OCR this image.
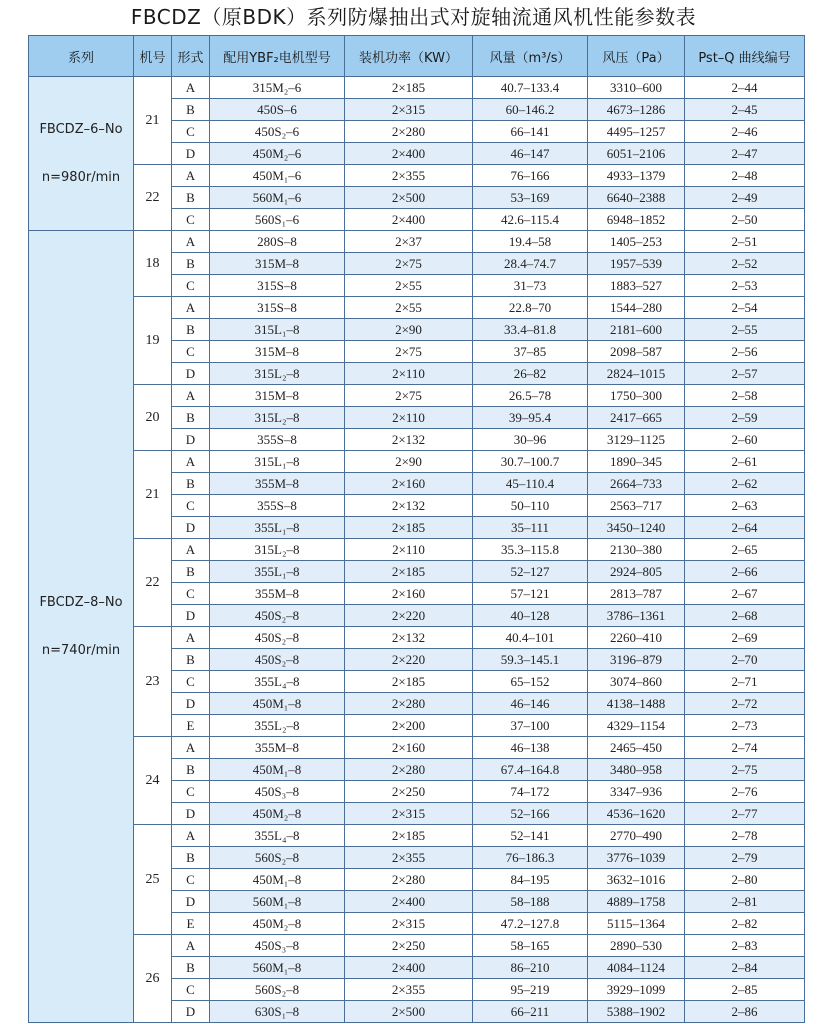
FBCDZ（原BDK）系列防爆抽出式对旋轴流通风机性能参数表
系列	机号	形式	配用YBF₂电机型号	装机功率（KW）	风量（m³/s）	风压（Pa）	Pst–Q 曲线编号

FBCDZ–6–No
n=980r/min	21	A	315M₂–6	2×185	40.7–133.4	3310–600	2–44
		B	450S–6	2×315	60–146.2	4673–1286	2–45
		C	450S₂–6	2×280	66–141	4495–1257	2–46
		D	450M₂–6	2×400	46–147	6051–2106	2–47
	22	A	450M₁–6	2×355	76–166	4933–1379	2–48
		B	560M₁–6	2×500	53–169	6640–2388	2–49
		C	560S₁–6	2×400	42.6–115.4	6948–1852	2–50

FBCDZ–8–No
n=740r/min	18	A	280S–8	2×37	19.4–58	1405–253	2–51
		B	315M–8	2×75	28.4–74.7	1957–539	2–52
		C	315S–8	2×55	31–73	1883–527	2–53
	19	A	315S–8	2×55	22.8–70	1544–280	2–54
		B	315L₁–8	2×90	33.4–81.8	2181–600	2–55
		C	315M–8	2×75	37–85	2098–587	2–56
		D	315L₂–8	2×110	26–82	2824–1015	2–57
	20	A	315M–8	2×75	26.5–78	1750–300	2–58
		B	315L₂–8	2×110	39–95.4	2417–665	2–59
		D	355S–8	2×132	30–96	3129–1125	2–60
	21	A	315L₁–8	2×90	30.7–100.7	1890–345	2–61
		B	355M–8	2×160	45–110.4	2664–733	2–62
		C	355S–8	2×132	50–110	2563–717	2–63
		D	355L₁–8	2×185	35–111	3450–1240	2–64
	22	A	315L₂–8	2×110	35.3–115.8	2130–380	2–65
		B	355L₁–8	2×185	52–127	2924–805	2–66
		C	355M–8	2×160	57–121	2813–787	2–67
		D	450S₂–8	2×220	40–128	3786–1361	2–68
	23	A	450S₂–8	2×132	40.4–101	2260–410	2–69
		B	450S₂–8	2×220	59.3–145.1	3196–879	2–70
		C	355L₄–8	2×185	65–152	3074–860	2–71
		D	450M₁–8	2×280	46–146	4138–1488	2–72
		E	355L₂–8	2×200	37–100	4329–1154	2–73
	24	A	355M–8	2×160	46–138	2465–450	2–74
		B	450M₁–8	2×280	67.4–164.8	3480–958	2–75
		C	450S₃–8	2×250	74–172	3347–936	2–76
		D	450M₂–8	2×315	52–166	4536–1620	2–77
	25	A	355L₄–8	2×185	52–141	2770–490	2–78
		B	560S₂–8	2×355	76–186.3	3776–1039	2–79
		C	450M₁–8	2×280	84–195	3632–1016	2–80
		D	560M₁–8	2×400	58–188	4889–1758	2–81
		E	450M₂–8	2×315	47.2–127.8	5115–1364	2–82
	26	A	450S₃–8	2×250	58–165	2890–530	2–83
		B	560M₁–8	2×400	86–210	4084–1124	2–84
		C	560S₂–8	2×355	95–219	3929–1099	2–85
		D	630S₁–8	2×500	66–211	5388–1902	2–86
